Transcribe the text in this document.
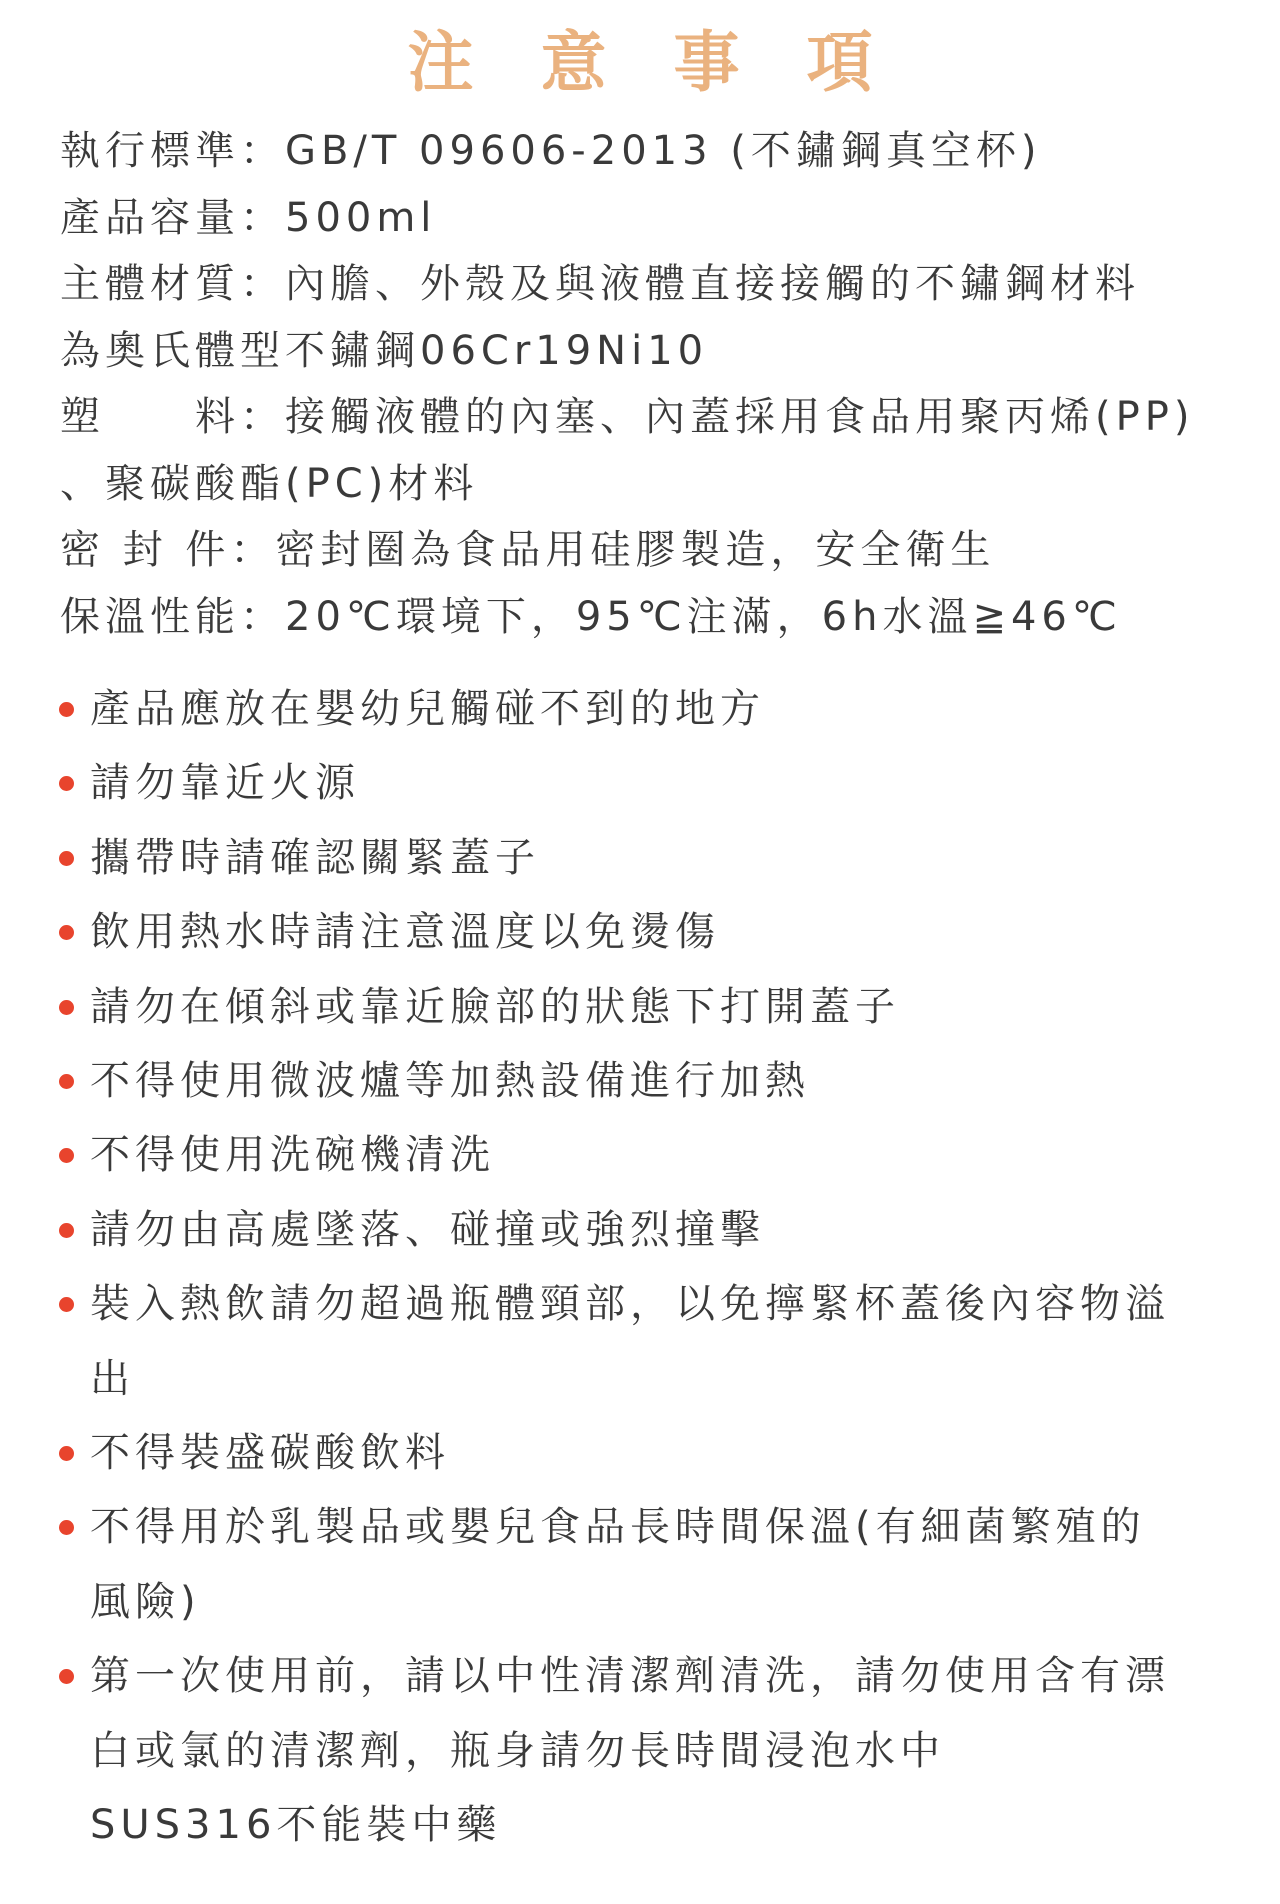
注 意 事 項
執行標準：GB/T 09606-2013 (不鏽鋼真空杯)
產品容量：500ml
主體材質：內膽、外殼及與液體直接接觸的不鏽鋼材料
為奧氏體型不鏽鋼06Cr19Ni10
塑　　料：接觸液體的內塞、內蓋採用食品用聚丙烯(PP)
、聚碳酸酯(PC)材料
密 封 件：密封圈為食品用硅膠製造，安全衛生
保溫性能：20℃環境下，95℃注滿，6h水溫≧46℃
產品應放在嬰幼兒觸碰不到的地方
請勿靠近火源
攜帶時請確認關緊蓋子
飲用熱水時請注意溫度以免燙傷
請勿在傾斜或靠近臉部的狀態下打開蓋子
不得使用微波爐等加熱設備進行加熱
不得使用洗碗機清洗
請勿由高處墜落、碰撞或強烈撞擊
裝入熱飲請勿超過瓶體頸部，以免擰緊杯蓋後內容物溢出
不得裝盛碳酸飲料
不得用於乳製品或嬰兒食品長時間保溫(有細菌繁殖的風險)
第一次使用前，請以中性清潔劑清洗，請勿使用含有漂白或氯的清潔劑，瓶身請勿長時間浸泡水中
SUS316不能裝中藥
